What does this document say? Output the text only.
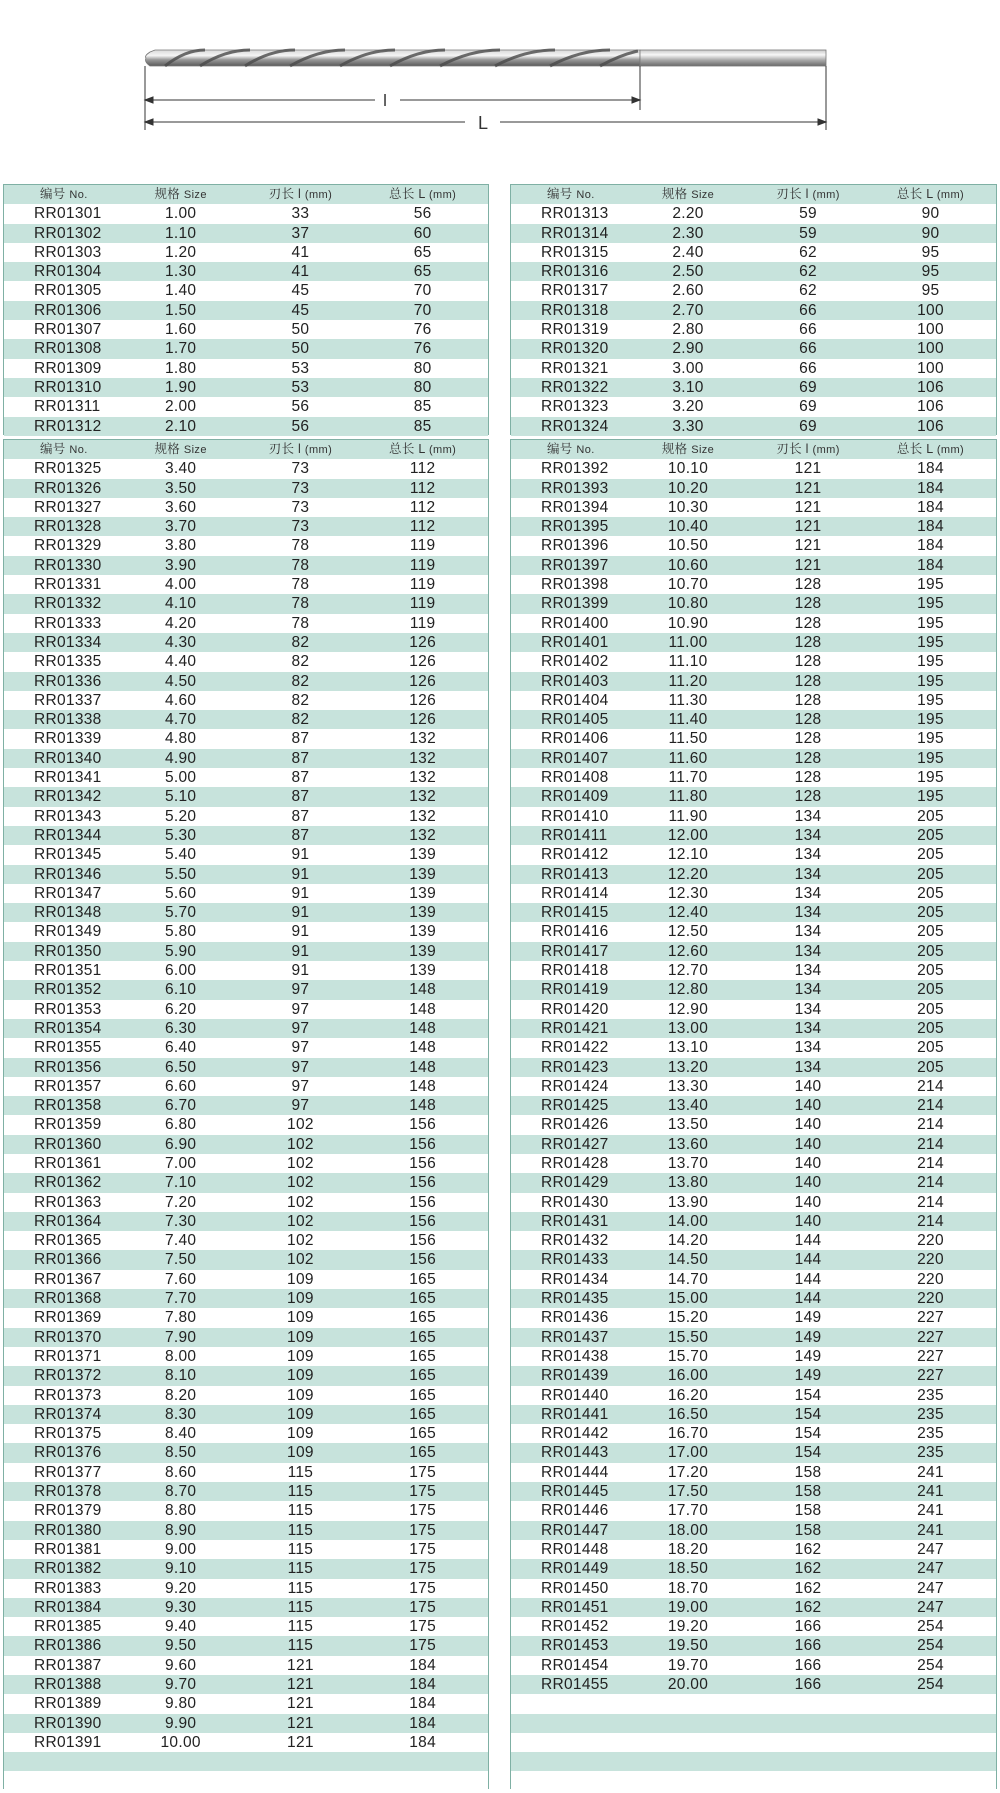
l
L
编号 No.	规格 Size	刃长 l (mm)	总长 L (mm)
RR01301	1.00	33	56
RR01302	1.10	37	60
RR01303	1.20	41	65
RR01304	1.30	41	65
RR01305	1.40	45	70
RR01306	1.50	45	70
RR01307	1.60	50	76
RR01308	1.70	50	76
RR01309	1.80	53	80
RR01310	1.90	53	80
RR01311	2.00	56	85
RR01312	2.10	56	85
编号 No.	规格 Size	刃长 l (mm)	总长 L (mm)
RR01313	2.20	59	90
RR01314	2.30	59	90
RR01315	2.40	62	95
RR01316	2.50	62	95
RR01317	2.60	62	95
RR01318	2.70	66	100
RR01319	2.80	66	100
RR01320	2.90	66	100
RR01321	3.00	66	100
RR01322	3.10	69	106
RR01323	3.20	69	106
RR01324	3.30	69	106
编号 No.	规格 Size	刃长 l (mm)	总长 L (mm)
RR01325	3.40	73	112
RR01326	3.50	73	112
RR01327	3.60	73	112
RR01328	3.70	73	112
RR01329	3.80	78	119
RR01330	3.90	78	119
RR01331	4.00	78	119
RR01332	4.10	78	119
RR01333	4.20	78	119
RR01334	4.30	82	126
RR01335	4.40	82	126
RR01336	4.50	82	126
RR01337	4.60	82	126
RR01338	4.70	82	126
RR01339	4.80	87	132
RR01340	4.90	87	132
RR01341	5.00	87	132
RR01342	5.10	87	132
RR01343	5.20	87	132
RR01344	5.30	87	132
RR01345	5.40	91	139
RR01346	5.50	91	139
RR01347	5.60	91	139
RR01348	5.70	91	139
RR01349	5.80	91	139
RR01350	5.90	91	139
RR01351	6.00	91	139
RR01352	6.10	97	148
RR01353	6.20	97	148
RR01354	6.30	97	148
RR01355	6.40	97	148
RR01356	6.50	97	148
RR01357	6.60	97	148
RR01358	6.70	97	148
RR01359	6.80	102	156
RR01360	6.90	102	156
RR01361	7.00	102	156
RR01362	7.10	102	156
RR01363	7.20	102	156
RR01364	7.30	102	156
RR01365	7.40	102	156
RR01366	7.50	102	156
RR01367	7.60	109	165
RR01368	7.70	109	165
RR01369	7.80	109	165
RR01370	7.90	109	165
RR01371	8.00	109	165
RR01372	8.10	109	165
RR01373	8.20	109	165
RR01374	8.30	109	165
RR01375	8.40	109	165
RR01376	8.50	109	165
RR01377	8.60	115	175
RR01378	8.70	115	175
RR01379	8.80	115	175
RR01380	8.90	115	175
RR01381	9.00	115	175
RR01382	9.10	115	175
RR01383	9.20	115	175
RR01384	9.30	115	175
RR01385	9.40	115	175
RR01386	9.50	115	175
RR01387	9.60	121	184
RR01388	9.70	121	184
RR01389	9.80	121	184
RR01390	9.90	121	184
RR01391	10.00	121	184
编号 No.	规格 Size	刃长 l (mm)	总长 L (mm)
RR01392	10.10	121	184
RR01393	10.20	121	184
RR01394	10.30	121	184
RR01395	10.40	121	184
RR01396	10.50	121	184
RR01397	10.60	121	184
RR01398	10.70	128	195
RR01399	10.80	128	195
RR01400	10.90	128	195
RR01401	11.00	128	195
RR01402	11.10	128	195
RR01403	11.20	128	195
RR01404	11.30	128	195
RR01405	11.40	128	195
RR01406	11.50	128	195
RR01407	11.60	128	195
RR01408	11.70	128	195
RR01409	11.80	128	195
RR01410	11.90	134	205
RR01411	12.00	134	205
RR01412	12.10	134	205
RR01413	12.20	134	205
RR01414	12.30	134	205
RR01415	12.40	134	205
RR01416	12.50	134	205
RR01417	12.60	134	205
RR01418	12.70	134	205
RR01419	12.80	134	205
RR01420	12.90	134	205
RR01421	13.00	134	205
RR01422	13.10	134	205
RR01423	13.20	134	205
RR01424	13.30	140	214
RR01425	13.40	140	214
RR01426	13.50	140	214
RR01427	13.60	140	214
RR01428	13.70	140	214
RR01429	13.80	140	214
RR01430	13.90	140	214
RR01431	14.00	140	214
RR01432	14.20	144	220
RR01433	14.50	144	220
RR01434	14.70	144	220
RR01435	15.00	144	220
RR01436	15.20	149	227
RR01437	15.50	149	227
RR01438	15.70	149	227
RR01439	16.00	149	227
RR01440	16.20	154	235
RR01441	16.50	154	235
RR01442	16.70	154	235
RR01443	17.00	154	235
RR01444	17.20	158	241
RR01445	17.50	158	241
RR01446	17.70	158	241
RR01447	18.00	158	241
RR01448	18.20	162	247
RR01449	18.50	162	247
RR01450	18.70	162	247
RR01451	19.00	162	247
RR01452	19.20	166	254
RR01453	19.50	166	254
RR01454	19.70	166	254
RR01455	20.00	166	254
